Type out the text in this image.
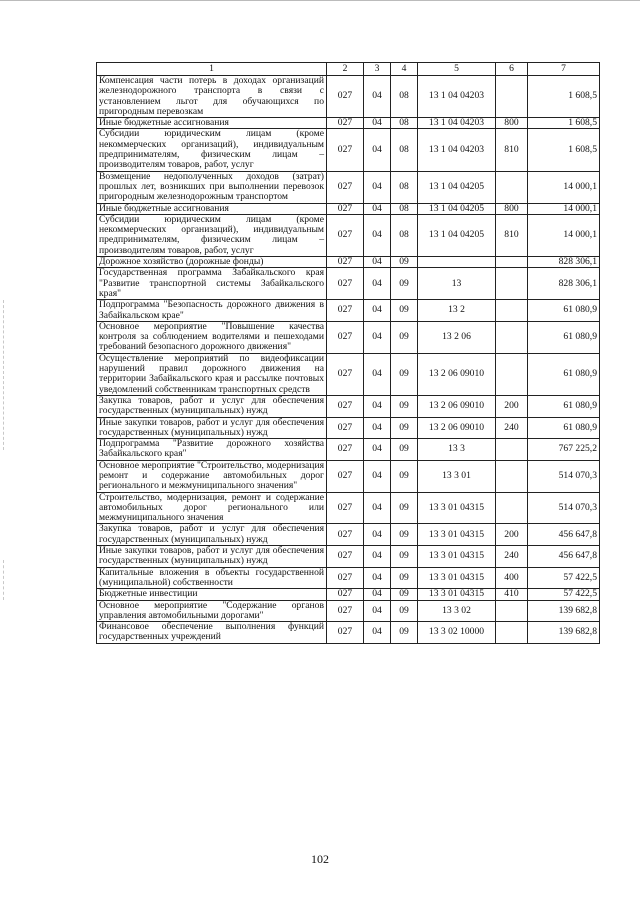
1	2	3	4	5	6	7
Компенсация части потерь в доходах организаций железнодорожного транспорта в связи с установлением льгот для обучающихся по пригородным перевозкам	027	04	08	13 1 04 04203		1 608,5
Иные бюджетные ассигнования	027	04	08	13 1 04 04203	800	1 608,5
Субсидии юридическим лицам (кроме некоммерческих организаций), индивидуальным предпринимателям, физическим лицам – производителям товаров, работ, услуг	027	04	08	13 1 04 04203	810	1 608,5
Возмещение недополученных доходов (затрат) прошлых лет, возникших при выполнении перевозок пригородным железнодорожным транспортом	027	04	08	13 1 04 04205		14 000,1
Иные бюджетные ассигнования	027	04	08	13 1 04 04205	800	14 000,1
Субсидии юридическим лицам (кроме некоммерческих организаций), индивидуальным предпринимателям, физическим лицам – производителям товаров, работ, услуг	027	04	08	13 1 04 04205	810	14 000,1
Дорожное хозяйство (дорожные фонды)	027	04	09			828 306,1
Государственная программа Забайкальского края "Развитие транспортной системы Забайкальского края"	027	04	09	13		828 306,1
Подпрограмма "Безопасность дорожного движения в Забайкальском крае"	027	04	09	13 2		61 080,9
Основное мероприятие "Повышение качества контроля за соблюдением водителями и пешеходами требований безопасного дорожного движения"	027	04	09	13 2 06		61 080,9
Осуществление мероприятий по видеофиксации нарушений правил дорожного движения на территории Забайкальского края и рассылке почтовых уведомлений собственникам транспортных средств	027	04	09	13 2 06 09010		61 080,9
Закупка товаров, работ и услуг для обеспечения государственных (муниципальных) нужд	027	04	09	13 2 06 09010	200	61 080,9
Иные закупки товаров, работ и услуг для обеспечения государственных (муниципальных) нужд	027	04	09	13 2 06 09010	240	61 080,9
Подпрограмма "Развитие дорожного хозяйства Забайкальского края"	027	04	09	13 3		767 225,2
Основное мероприятие "Строительство, модернизация ремонт и содержание автомобильных дорог регионального и межмуниципального значения"	027	04	09	13 3 01		514 070,3
Строительство, модернизация, ремонт и содержание автомобильных дорог регионального или межмуниципального значения	027	04	09	13 3 01 04315		514 070,3
Закупка товаров, работ и услуг для обеспечения государственных (муниципальных) нужд	027	04	09	13 3 01 04315	200	456 647,8
Иные закупки товаров, работ и услуг для обеспечения государственных (муниципальных) нужд	027	04	09	13 3 01 04315	240	456 647,8
Капитальные вложения в объекты государственной (муниципальной) собственности	027	04	09	13 3 01 04315	400	57 422,5
Бюджетные инвестиции	027	04	09	13 3 01 04315	410	57 422,5
Основное мероприятие "Содержание органов управления автомобильными дорогами"	027	04	09	13 3 02		139 682,8
Финансовое обеспечение выполнения функций государственных учреждений	027	04	09	13 3 02 10000		139 682,8
102
